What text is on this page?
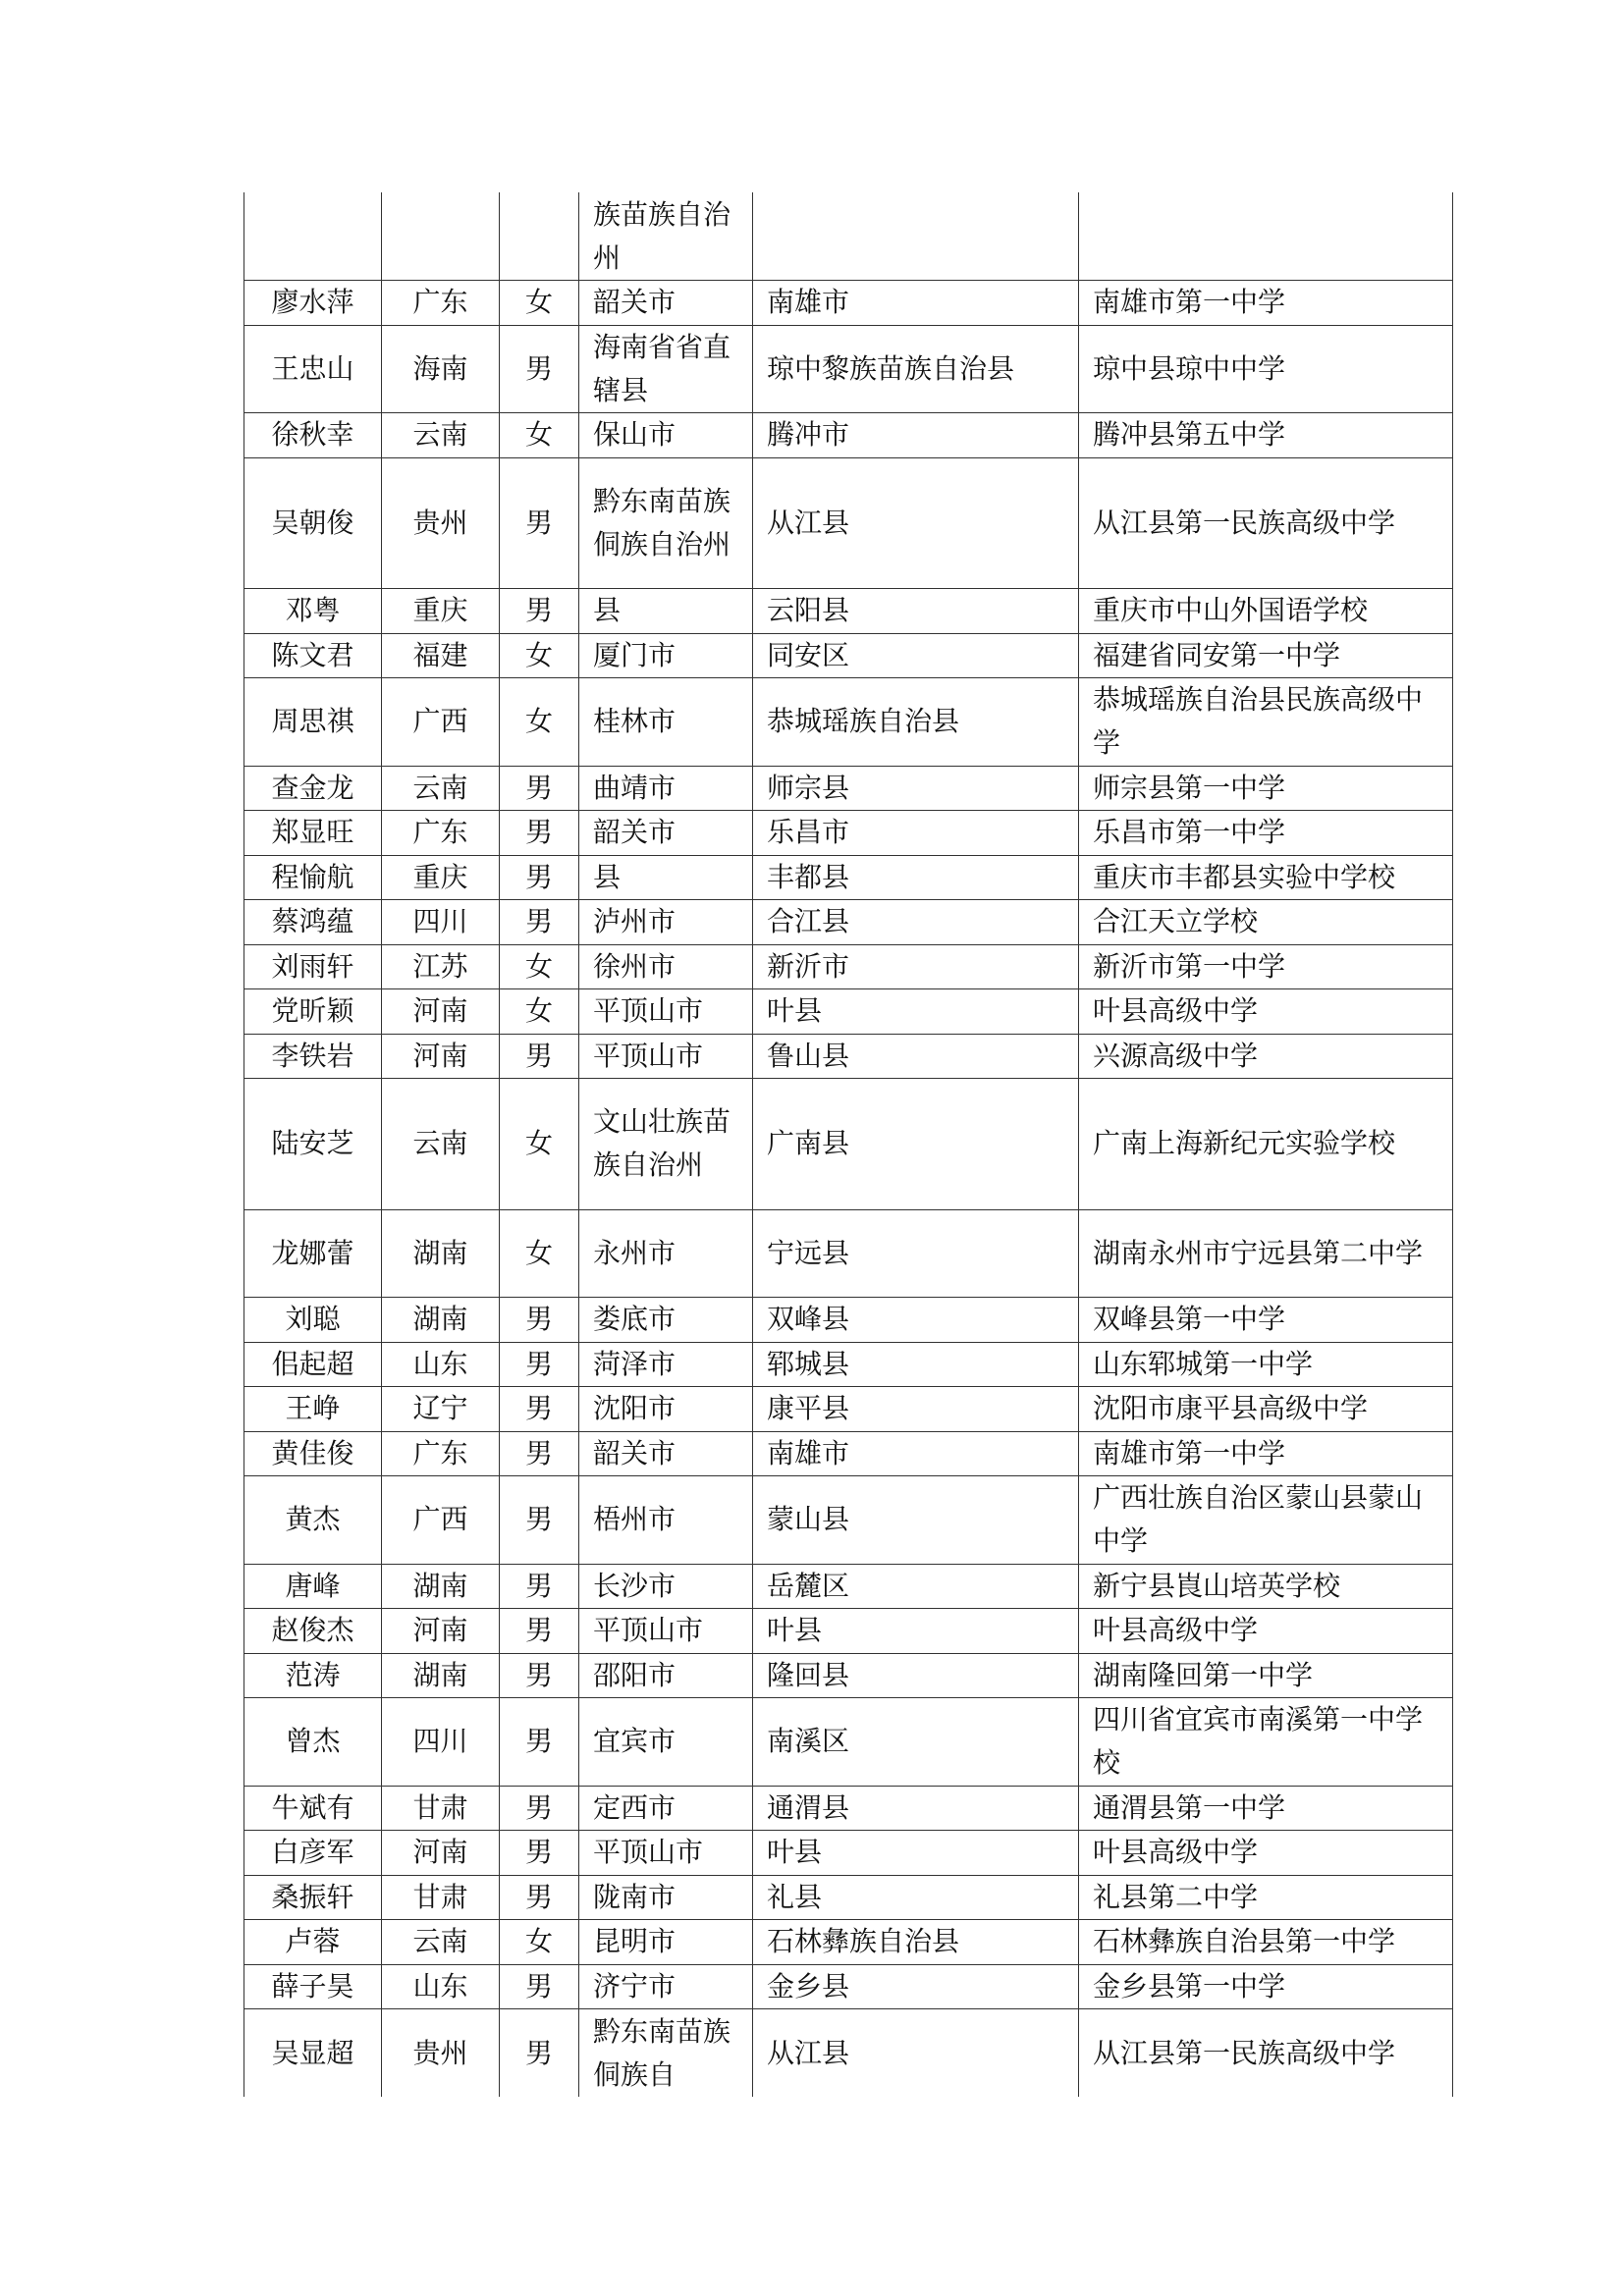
			族苗族自治州		
廖水萍	广东	女	韶关市	南雄市	南雄市第一中学
王忠山	海南	男	海南省省直辖县	琼中黎族苗族自治县	琼中县琼中中学
徐秋幸	云南	女	保山市	腾冲市	腾冲县第五中学
吴朝俊	贵州	男	黔东南苗族侗族自治州	从江县	从江县第一民族高级中学
邓粤	重庆	男	县	云阳县	重庆市中山外国语学校
陈文君	福建	女	厦门市	同安区	福建省同安第一中学
周思祺	广西	女	桂林市	恭城瑶族自治县	恭城瑶族自治县民族高级中学
查金龙	云南	男	曲靖市	师宗县	师宗县第一中学
郑显旺	广东	男	韶关市	乐昌市	乐昌市第一中学
程愉航	重庆	男	县	丰都县	重庆市丰都县实验中学校
蔡鸿蕴	四川	男	泸州市	合江县	合江天立学校
刘雨轩	江苏	女	徐州市	新沂市	新沂市第一中学
党昕颖	河南	女	平顶山市	叶县	叶县高级中学
李铁岩	河南	男	平顶山市	鲁山县	兴源高级中学
陆安芝	云南	女	文山壮族苗族自治州	广南县	广南上海新纪元实验学校
龙娜蕾	湖南	女	永州市	宁远县	湖南永州市宁远县第二中学
刘聪	湖南	男	娄底市	双峰县	双峰县第一中学
佀起超	山东	男	菏泽市	郓城县	山东郓城第一中学
王峥	辽宁	男	沈阳市	康平县	沈阳市康平县高级中学
黄佳俊	广东	男	韶关市	南雄市	南雄市第一中学
黄杰	广西	男	梧州市	蒙山县	广西壮族自治区蒙山县蒙山中学
唐峰	湖南	男	长沙市	岳麓区	新宁县崀山培英学校
赵俊杰	河南	男	平顶山市	叶县	叶县高级中学
范涛	湖南	男	邵阳市	隆回县	湖南隆回第一中学
曾杰	四川	男	宜宾市	南溪区	四川省宜宾市南溪第一中学校
牛斌有	甘肃	男	定西市	通渭县	通渭县第一中学
白彦军	河南	男	平顶山市	叶县	叶县高级中学
桑振轩	甘肃	男	陇南市	礼县	礼县第二中学
卢蓉	云南	女	昆明市	石林彝族自治县	石林彝族自治县第一中学
薛子昊	山东	男	济宁市	金乡县	金乡县第一中学
吴显超	贵州	男	黔东南苗族侗族自	从江县	从江县第一民族高级中学
